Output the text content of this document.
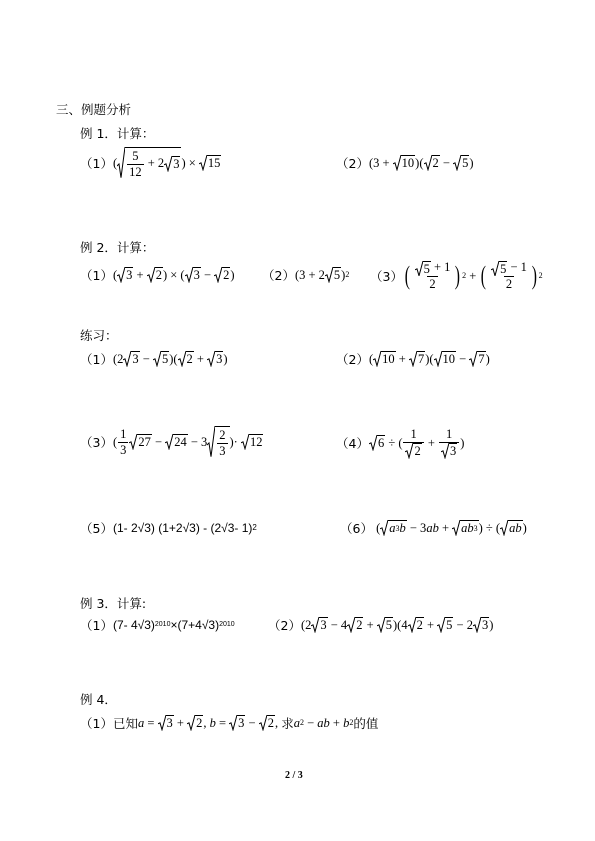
三、例题分析
例 1．计算：
（1） ( $\frac{5}{12} + 2$ 3 ) × 15	（2） (3 + 10 )( 2 − 5 )
例 2．计算：
（1） ( 3 + 2 ) × ( 3 − 2 ) （2） (3 + 2 5 ) 2 （3） ( $\frac{5 + 1}{2}$ ) 2 + ( $\frac{5 - 1}{2}$ ) 2
练习：
（1） (2 3 − 5 )( 2 + 3 )	（2） ( 10 + 7 )( 10 − 7 )
（3） ( $\frac{1}{3} 27 - 24 - 3 \frac{2}{3}$ )· 12	（4） 6 ÷ ( $\frac{1}{2} + \frac{1}{3}$ )
（5） (1- 2√3) (1+2√3) - (2√3- 1) 2	（6） ( a 3 b − 3 ab + ab 3 ) ÷ ( ab )
例 3．计算:
（1） (7- 4√3) 2010 ×(7+4√3) 2010	（2） (2 3 − 4 2 + 5 )(4 2 + 5 − 2 3 )
例 4．
（1） 已知 a = 3 + 2 , b = 3 − 2 , 求 a 2 − ab + b 2 的值
2 / 3
